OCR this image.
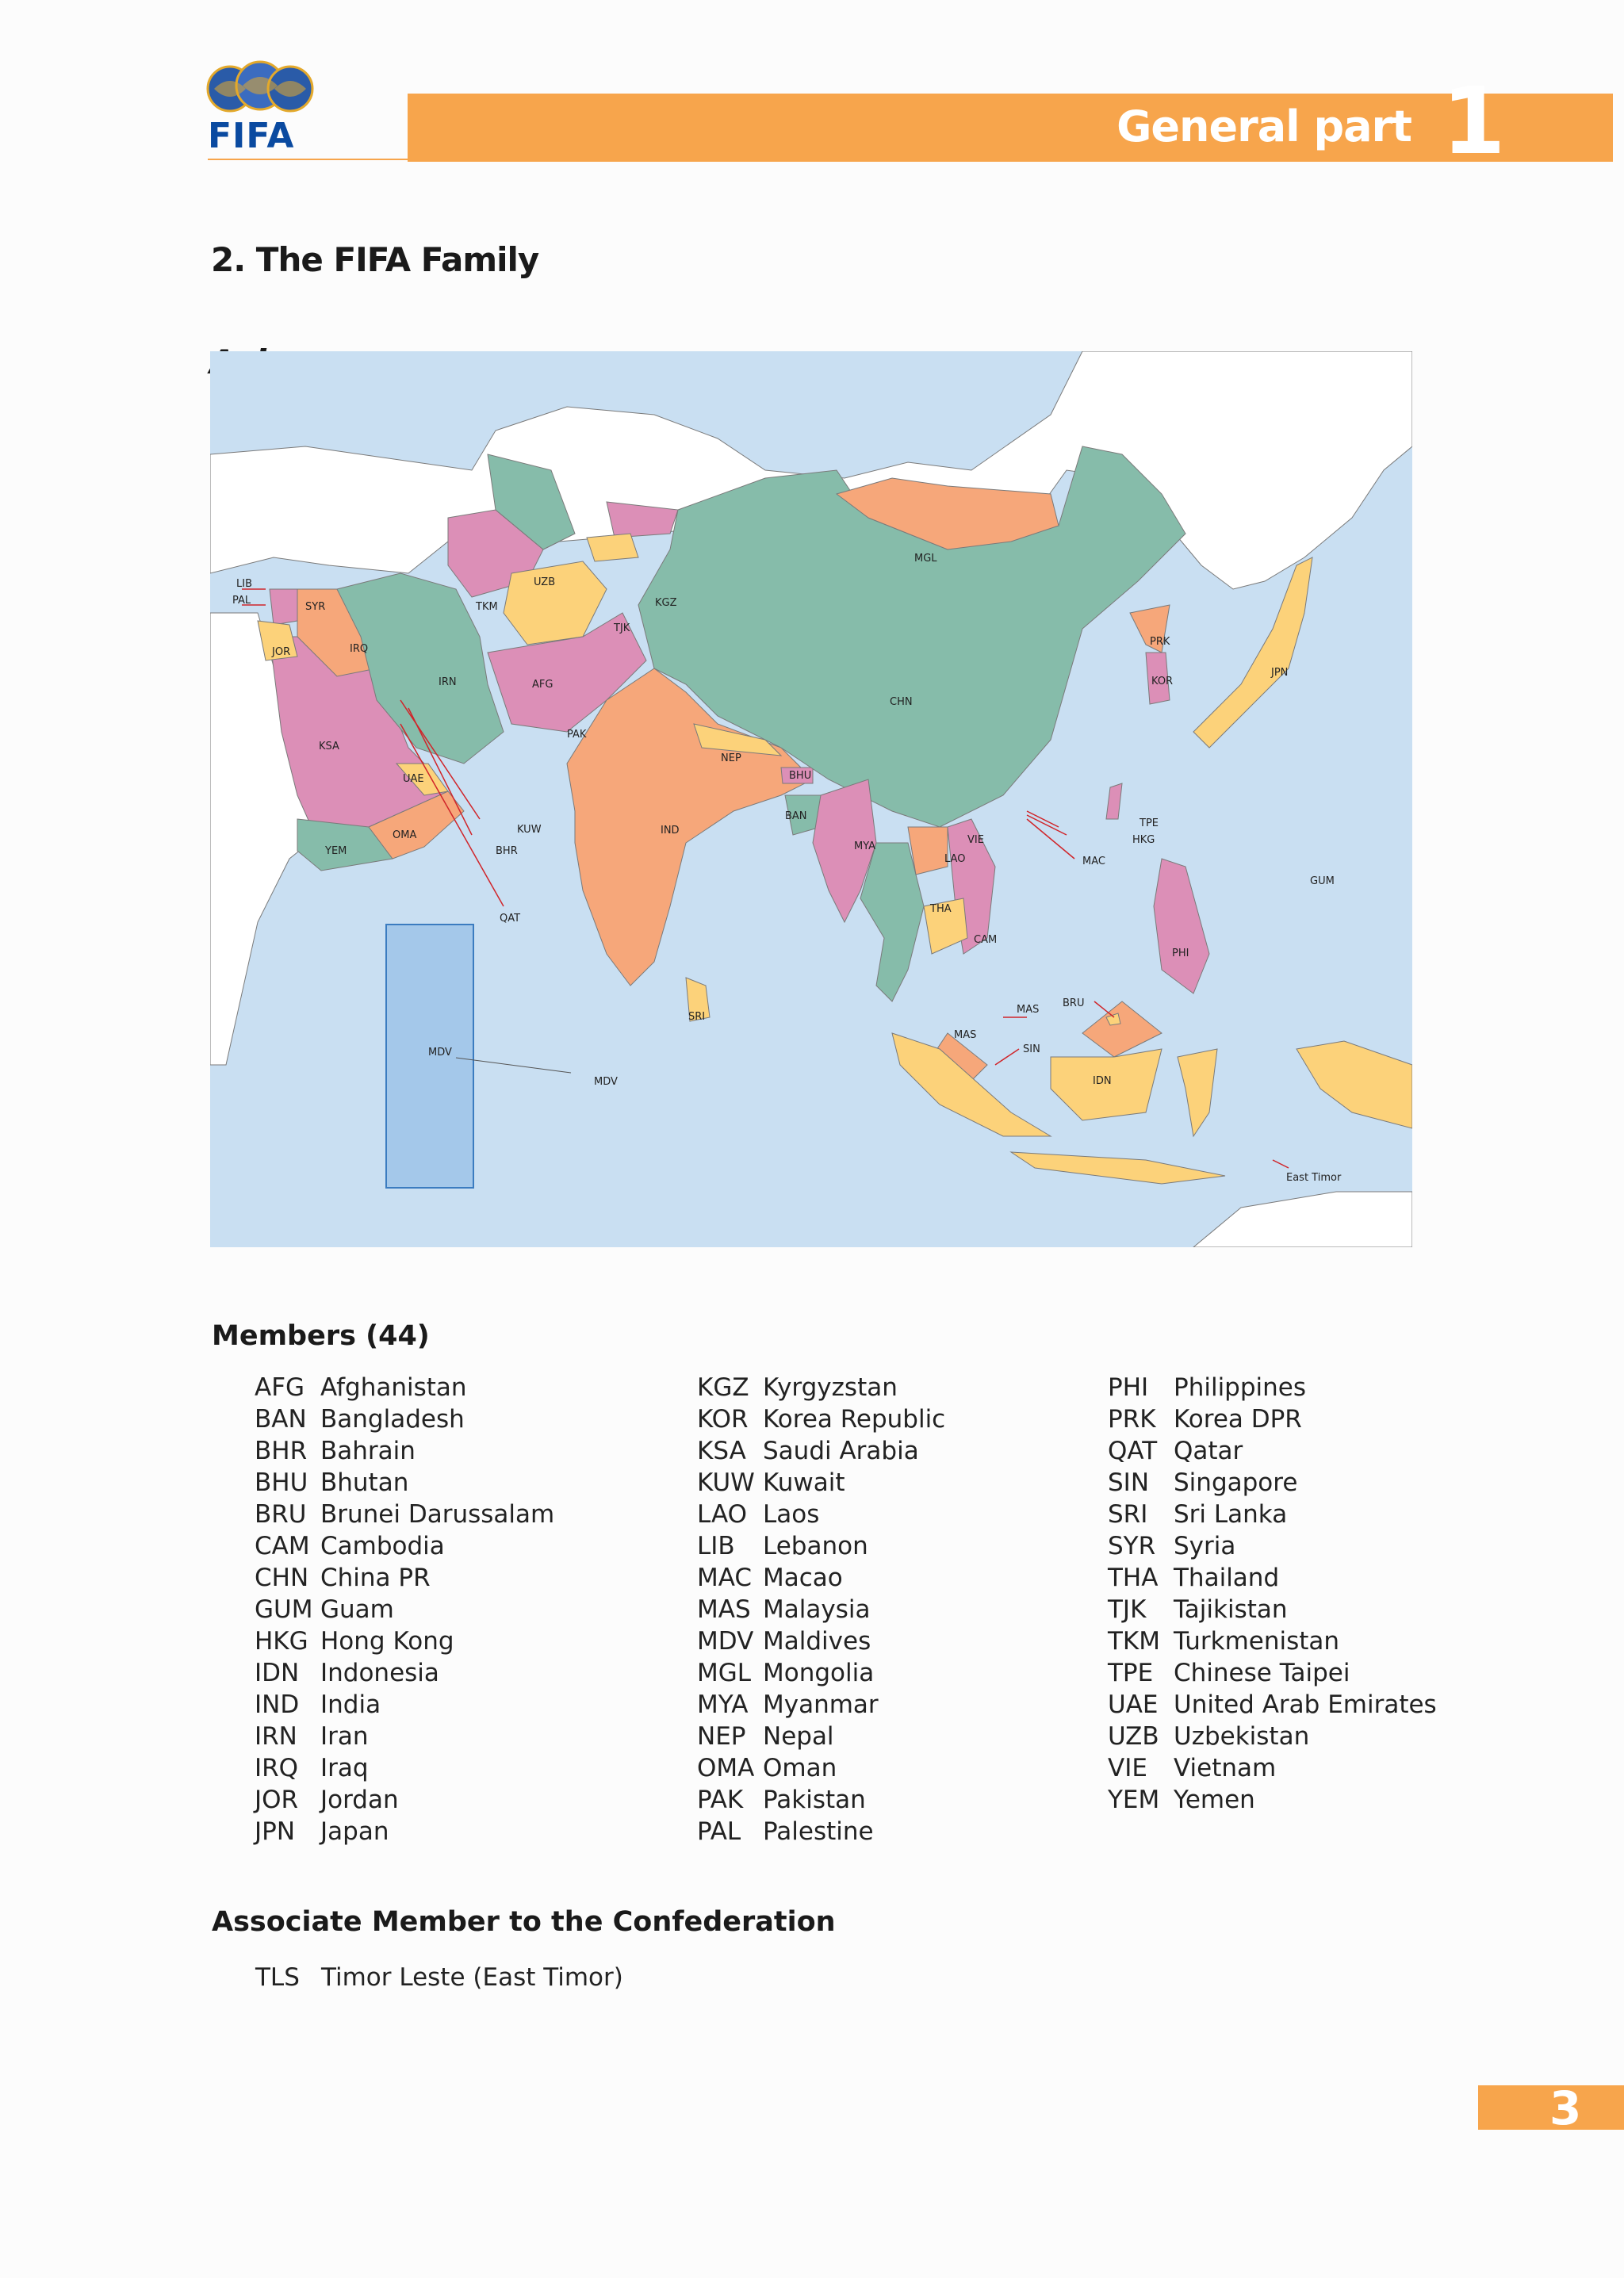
FIFA	General part 1
2. The FIFA Family
LIB
PAL
SYR
JOR	IRQ
KSA
TKM
UZB
KGZ
TJK
IRN	AFG
PAK
UAE
OMA
YEM
KUW
BHR
QAT
MDV
MDV
IND
NEP
BHU
BAN
SRI
MGL
CHN
PRK
KOR
JPN
MYA
THA
LAO
VIE
CAM
TPE
HKG
MAC
GUM
PHI
BRU
MAS
MAS
SIN
IDN
East Timor
Members (44)
AFG Afghanistan
BAN Bangladesh
BHR Bahrain
BHU Bhutan
BRU Brunei Darussalam
CAM Cambodia
CHN China PR
GUM Guam
HKG Hong Kong
IDN Indonesia
IND India
IRN Iran
IRQ Iraq
JOR Jordan
JPN	Japan
KGZ Kyrgyzstan
KOR Korea Republic
KSA Saudi Arabia
KUW Kuwait
LAO Laos
LIB	Lebanon
MAC Macao
MAS Malaysia
MDV Maldives
MGL Mongolia
MYA Myanmar
NEP Nepal
OMA Oman
PAK Pakistan
PAL Palestine
PHI	Philippines
PRK Korea DPR
QAT Qatar
SIN Singapore
SRI	Sri Lanka
SYR Syria
THA Thailand
TJK	Tajikistan
TKM Turkmenistan
TPE Chinese Taipei
UAE United Arab Emirates
UZB Uzbekistan
VIE	Vietnam
YEM Yemen
Associate Member to the Confederation
TLS Timor Leste (East Timor)
3
